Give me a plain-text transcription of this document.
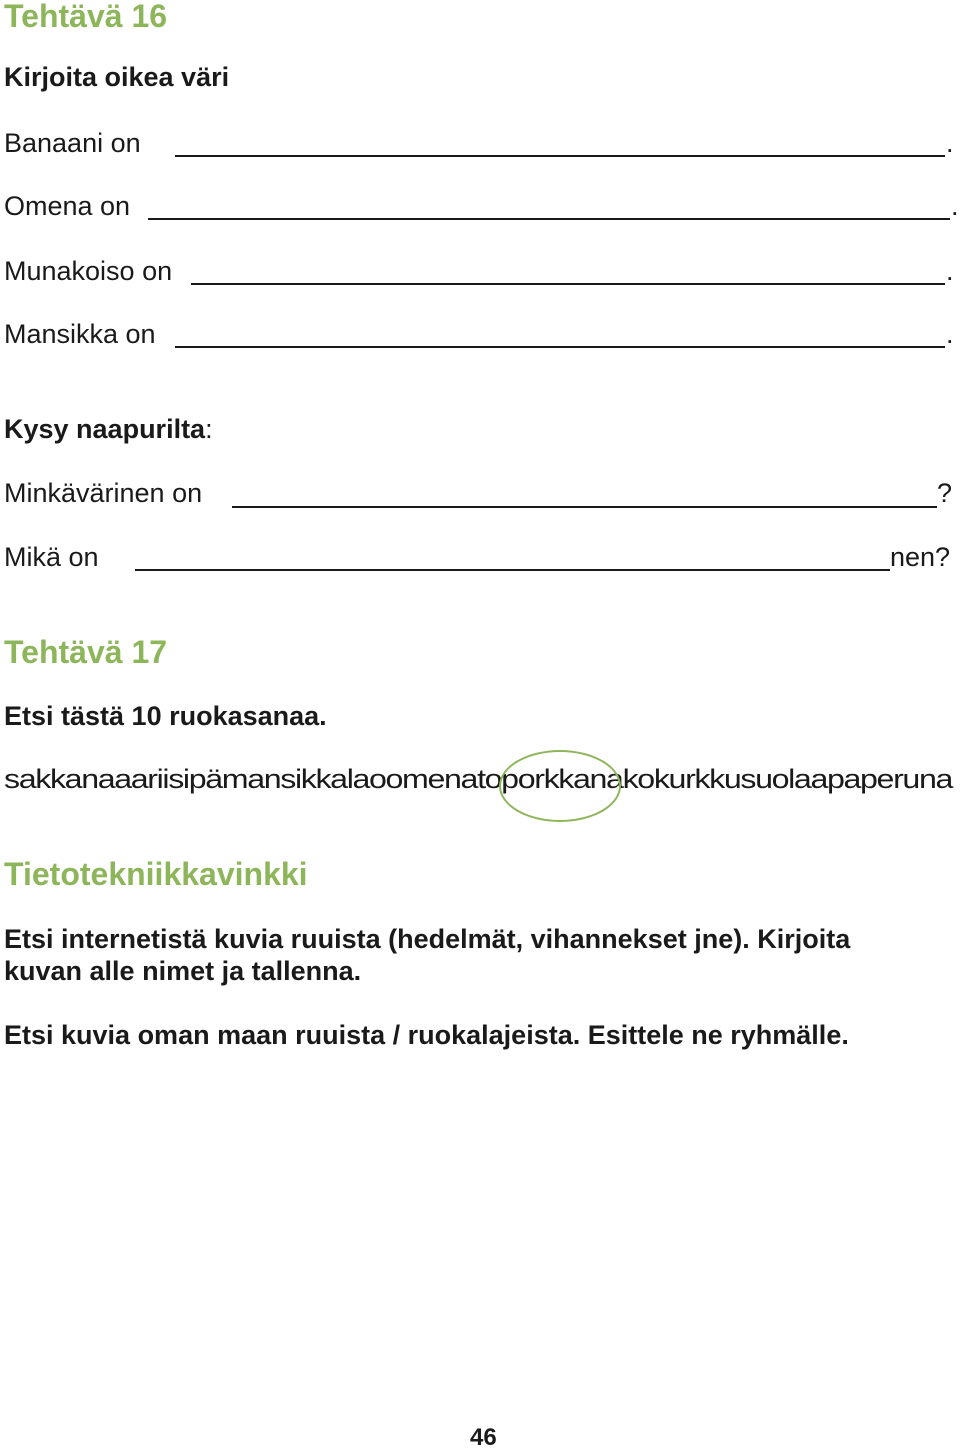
Tehtävä 16
Kirjoita oikea väri
Banaani on	.
Omena on	.
Munakoiso on	.
Mansikka on	.
Kysy naapurilta:
Minkävärinen on	?
Mikä on	nen?
Tehtävä 17
Etsi tästä 10 ruokasanaa.
sakkanaaariisipämansikkalaoomenatoporkkanakokurkkusuolaapaperuna
Tietotekniikkavinkki
Etsi internetistä kuvia ruuista (hedelmät, vihannekset jne). Kirjoita
kuvan alle nimet ja tallenna.
Etsi kuvia oman maan ruuista / ruokalajeista. Esittele ne ryhmälle.
46
